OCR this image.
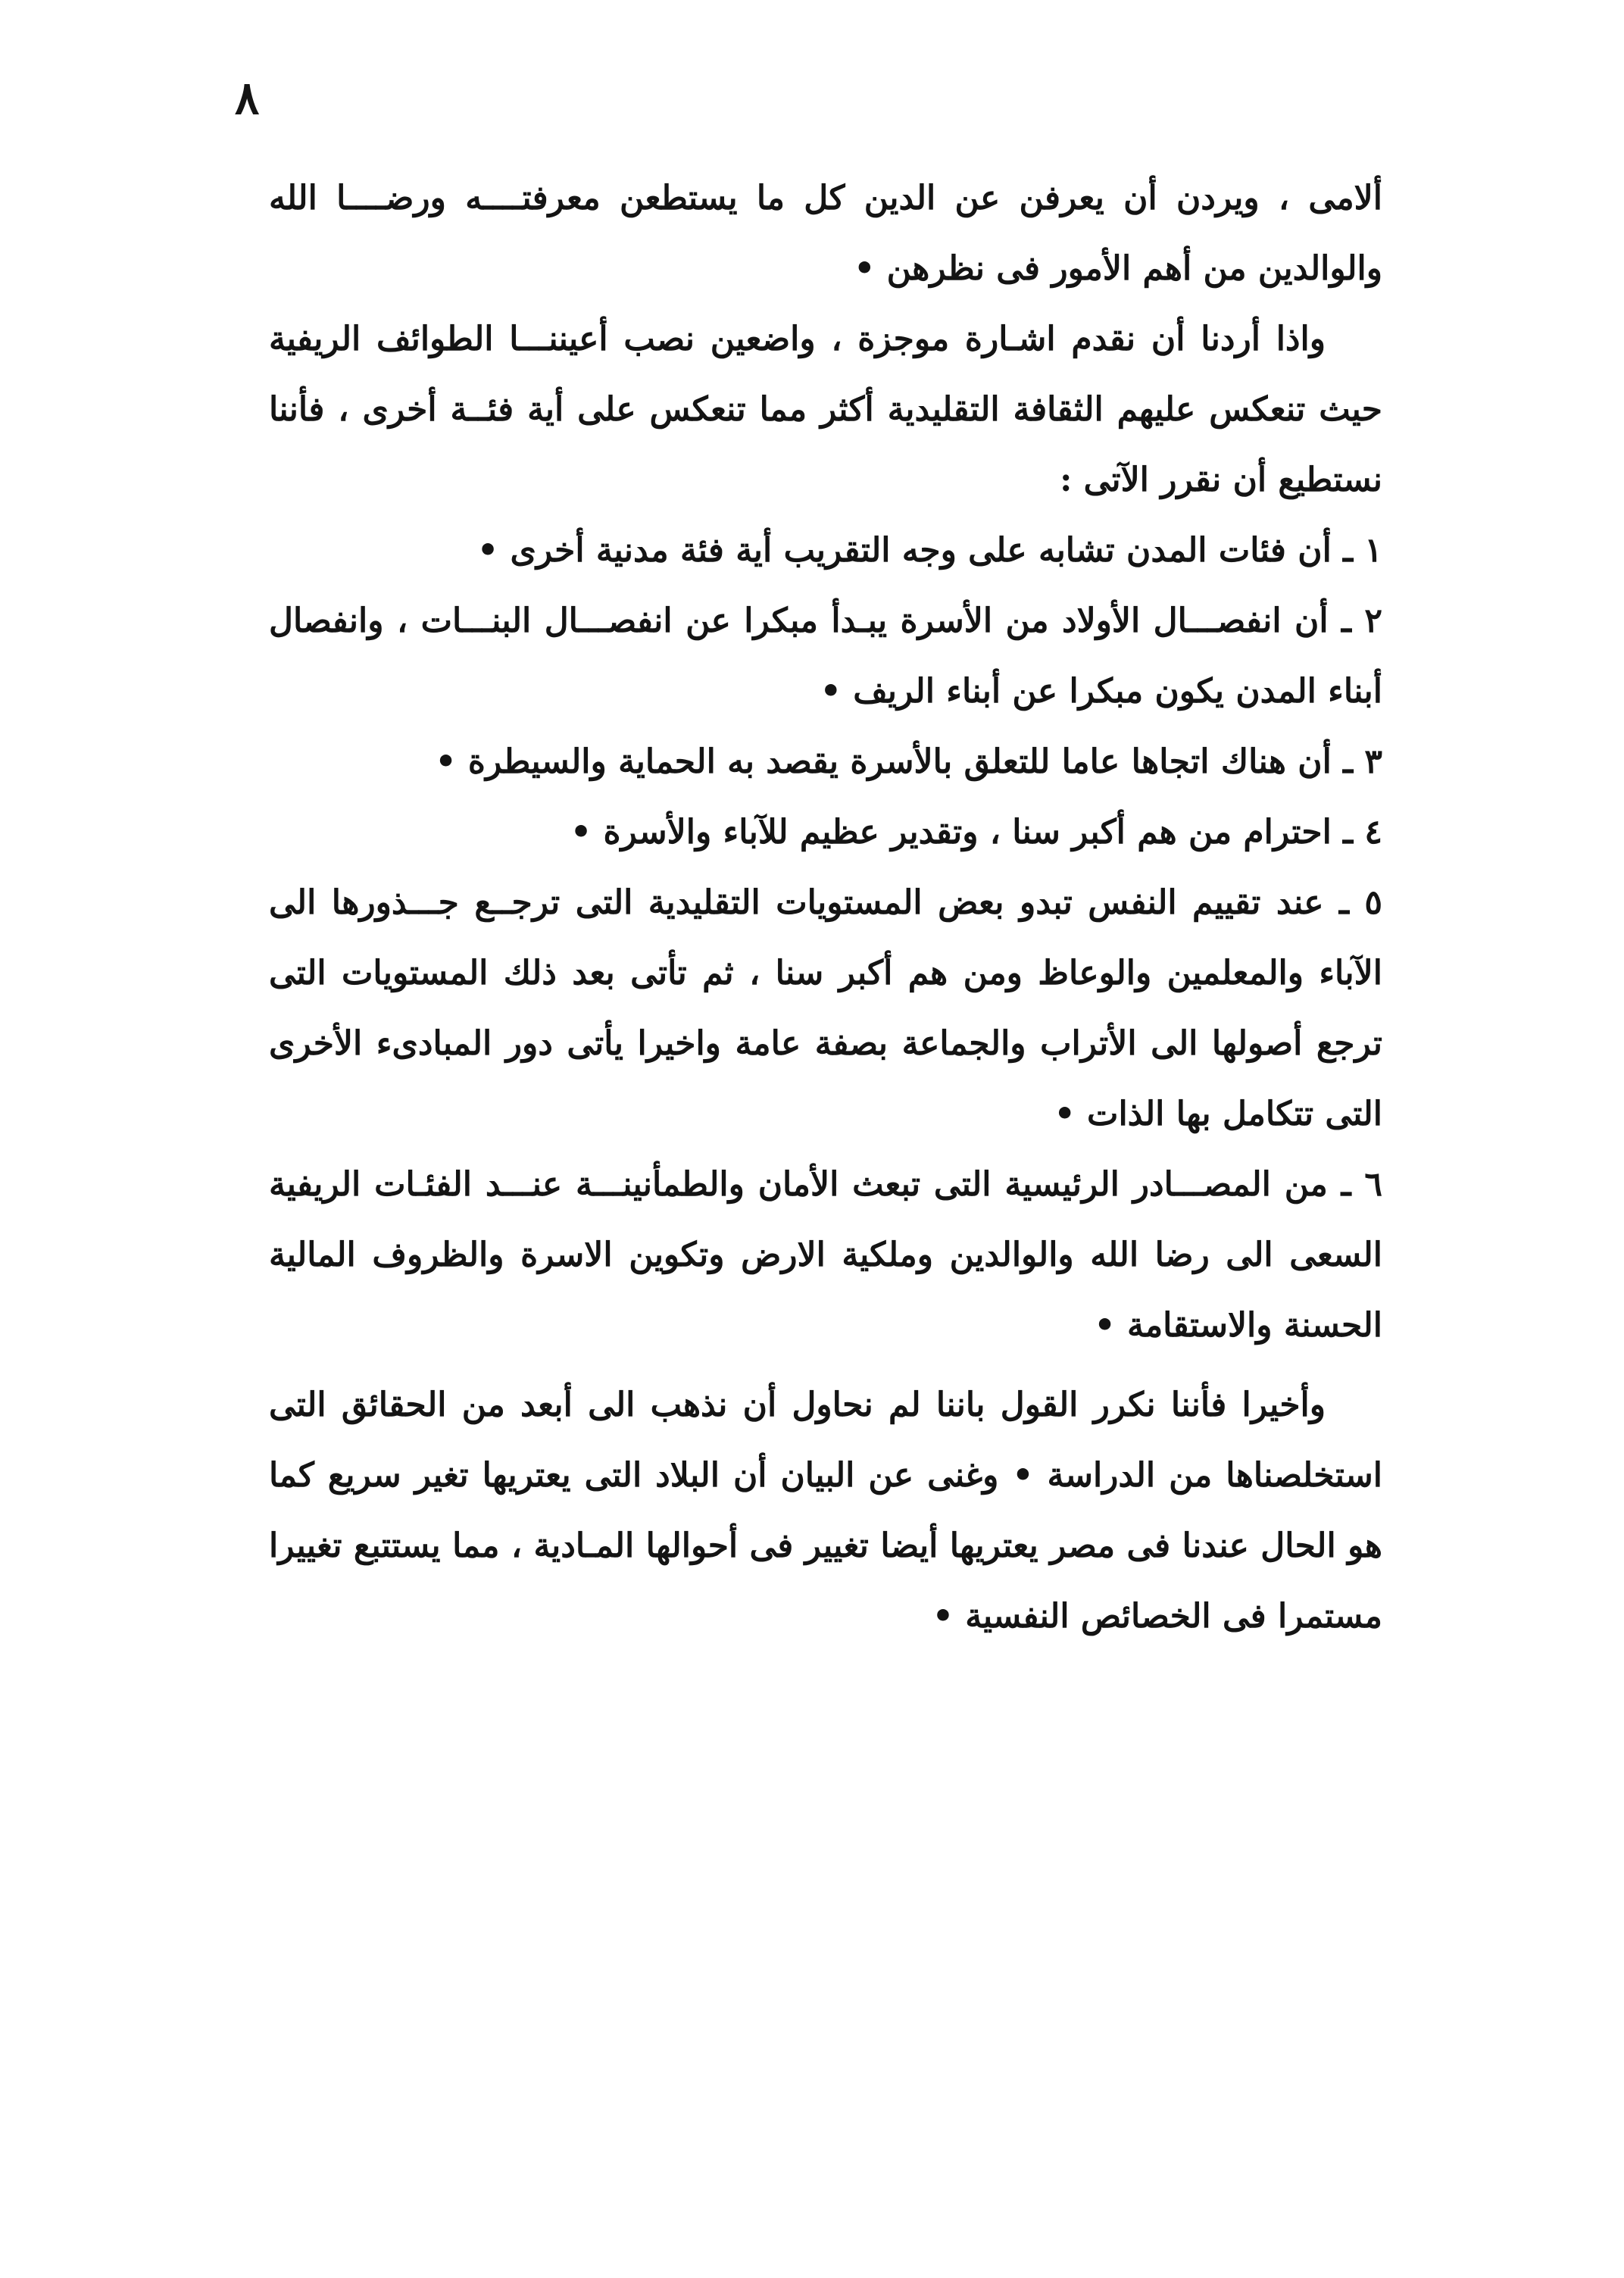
٨

ألامى ، ويردن أن يعرفن عن الدين كل ما يستطعن معرفتــــه ورضــــا الله والوالدين من أهم الأمور فى نظرهن •

واذا أردنا أن نقدم اشـارة موجزة ، واضعين نصب أعيننـــا الطوائف الريفية حيث تنعكس عليهم الثقافة التقليدية أكثر مما تنعكس على أية فئــة أخرى ، فأننا نستطيع أن نقرر الآتى :

١ ـ أن فئات المدن تشابه على وجه التقريب أية فئة مدنية أخرى •

٢ ـ أن انفصـــال الأولاد من الأسرة يبـدأ مبكرا عن انفصـــال البنـــات ، وانفصال أبناء المدن يكون مبكرا عن أبناء الريف •

٣ ـ أن هناك اتجاها عاما للتعلق بالأسرة يقصد به الحماية والسيطرة •

٤ ـ احترام من هم أكبر سنا ، وتقدير عظيم للآباء والأسرة •

٥ ـ عند تقييم النفس تبدو بعض المستويات التقليدية التى ترجــع جـــذورها الى الآباء والمعلمين والوعاظ ومن هم أكبر سنا ، ثم تأتى بعد ذلك المستويات التى ترجع أصولها الى الأتراب والجماعة بصفة عامة واخيرا يأتى دور المبادىء الأخرى التى تتكامل بها الذات •

٦ ـ من المصـــادر الرئيسية التى تبعث الأمان والطمأنينـــة عنـــد الفئـات الريفية السعى الى رضا الله والوالدين وملكية الارض وتكوين الاسرة والظروف المالية الحسنة والاستقامة •

وأخيرا فأننا نكرر القول باننا لم نحاول أن نذهب الى أبعد من الحقائق التى استخلصناها من الدراسة • وغنى عن البيان أن البلاد التى يعتريها تغير سريع كما هو الحال عندنا فى مصر يعتريها أيضا تغيير فى أحوالها المـادية ، مما يستتبع تغييرا مستمرا فى الخصائص النفسية •
